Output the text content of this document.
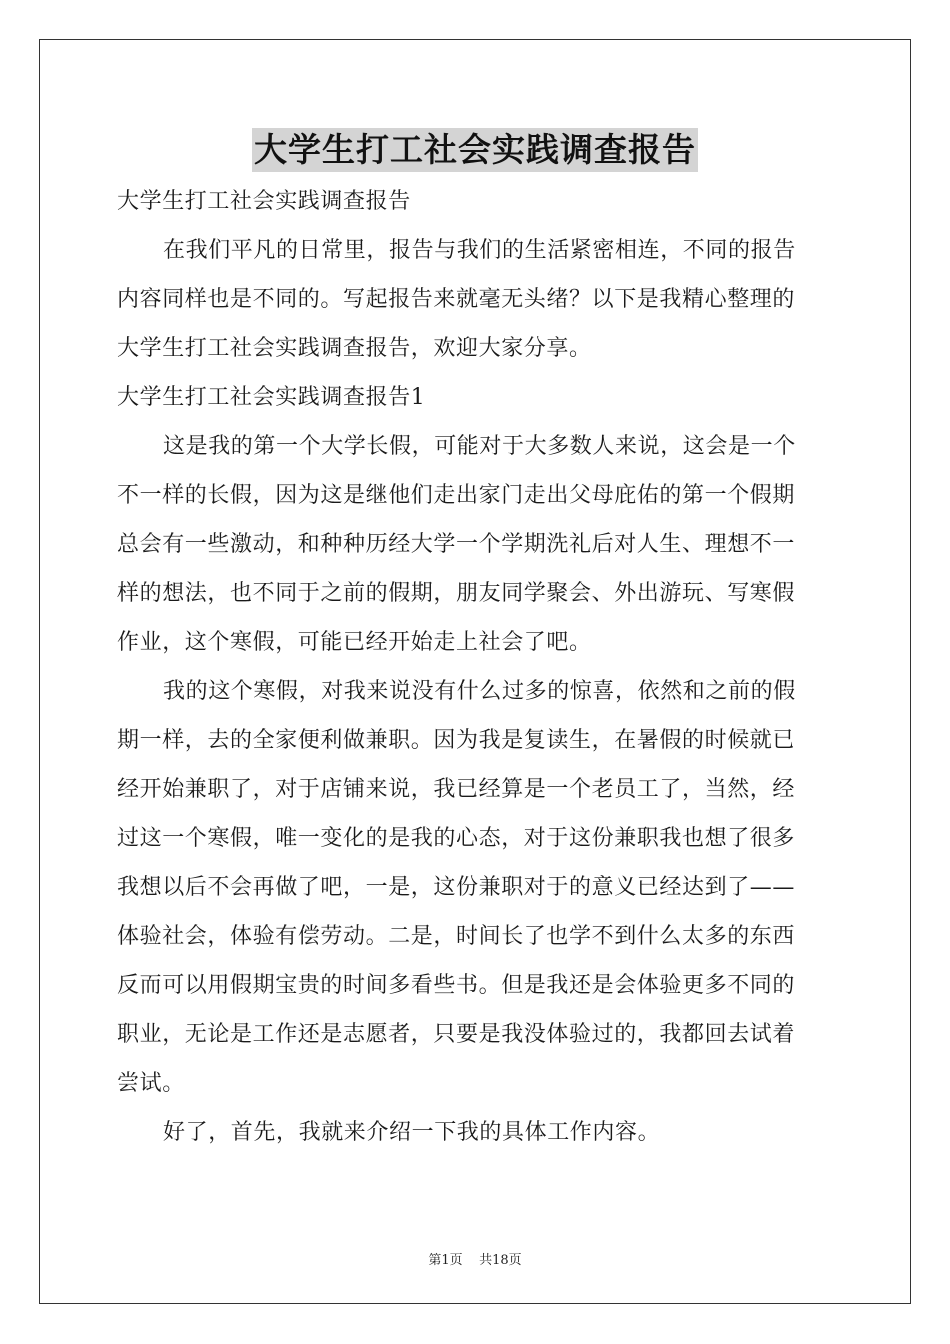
大学生打工社会实践调查报告
大学生打工社会实践调查报告
在我们平凡的日常里，报告与我们的生活紧密相连，不同的报告
内容同样也是不同的。写起报告来就毫无头绪？以下是我精心整理的
大学生打工社会实践调查报告，欢迎大家分享。
大学生打工社会实践调查报告1
这是我的第一个大学长假，可能对于大多数人来说，这会是一个
不一样的长假，因为这是继他们走出家门走出父母庇佑的第一个假期
总会有一些激动，和种种历经大学一个学期洗礼后对人生、理想不一
样的想法，也不同于之前的假期，朋友同学聚会、外出游玩、写寒假
作业，这个寒假，可能已经开始走上社会了吧。
我的这个寒假，对我来说没有什么过多的惊喜，依然和之前的假
期一样，去的全家便利做兼职。因为我是复读生，在暑假的时候就已
经开始兼职了，对于店铺来说，我已经算是一个老员工了，当然，经
过这一个寒假，唯一变化的是我的心态，对于这份兼职我也想了很多
我想以后不会再做了吧，一是，这份兼职对于的意义已经达到了——
体验社会，体验有偿劳动。二是，时间长了也学不到什么太多的东西
反而可以用假期宝贵的时间多看些书。但是我还是会体验更多不同的
职业，无论是工作还是志愿者，只要是我没体验过的，我都回去试着
尝试。
好了，首先，我就来介绍一下我的具体工作内容。
第1页 共18页
